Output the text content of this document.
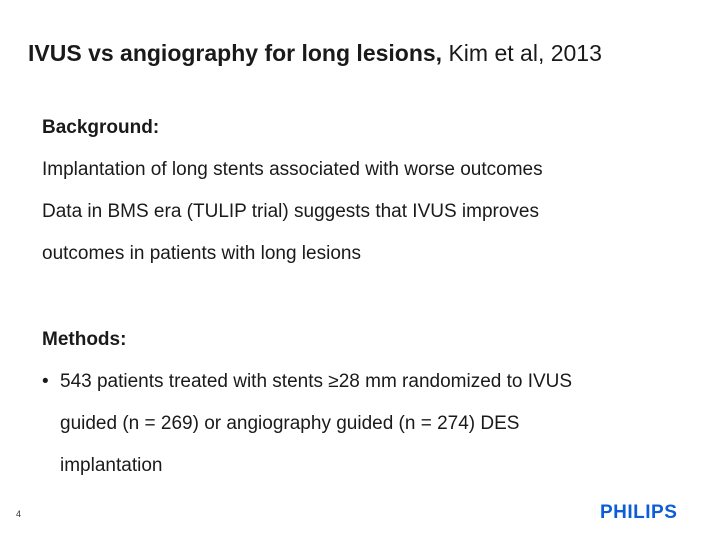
IVUS vs angiography for long lesions, Kim et al, 2013
Background:
Implantation of long stents associated with worse outcomes
Data in BMS era (TULIP trial) suggests that IVUS improves
outcomes in patients with long lesions
Methods:
• 543 patients treated with stents ≥28 mm randomized to IVUS
guided (n = 269) or angiography guided (n = 274) DES
implantation
4	PHILIPS
